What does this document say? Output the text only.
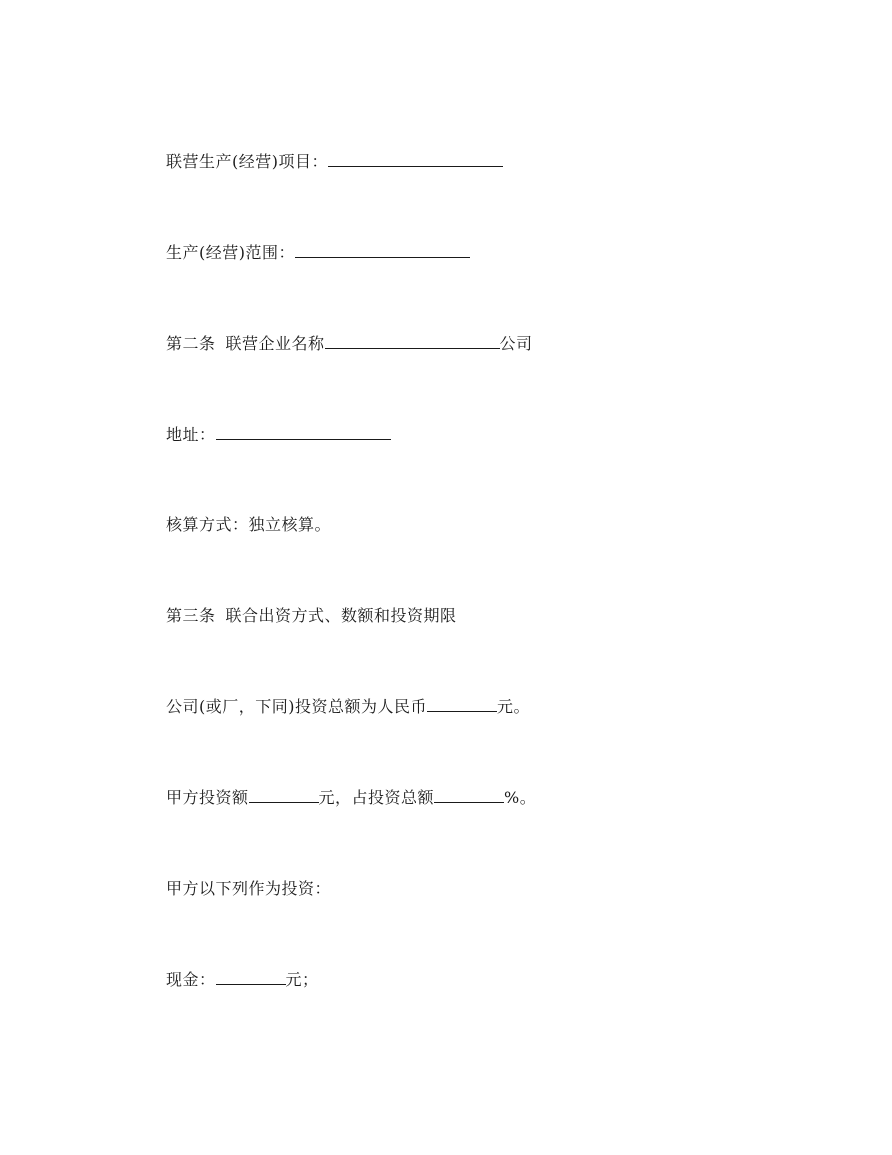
联营生产(经营)项目：
生产(经营)范围：
第二条 联营企业名称	公司
地址：
核算方式：独立核算。
第三条 联合出资方式、数额和投资期限
公司(或厂，下同)投资总额为人民币	元。
甲方投资额	元，占投资总额	%。
甲方以下列作为投资：
现金：	元；
